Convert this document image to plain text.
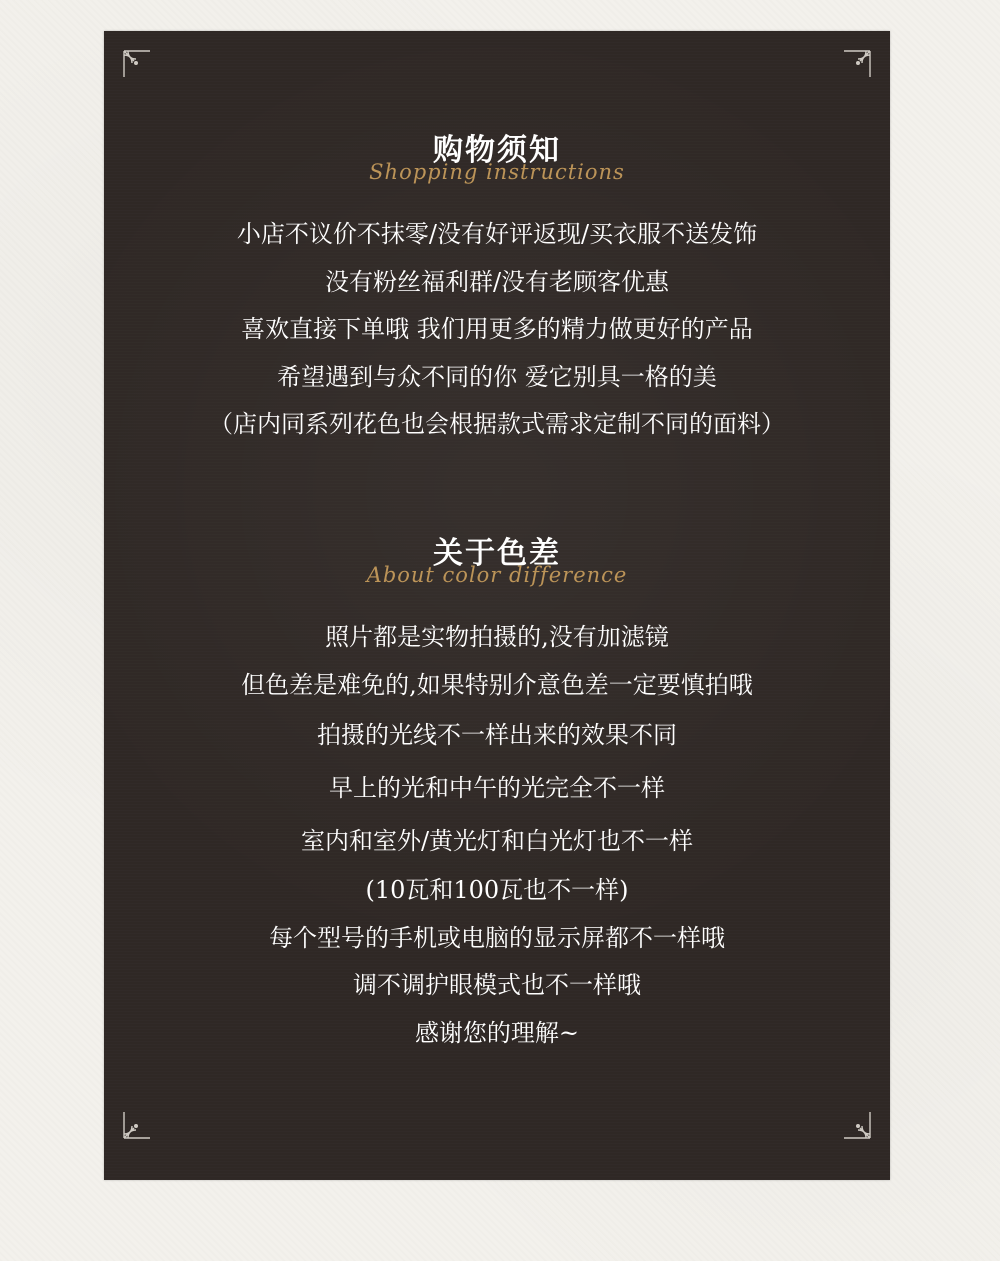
购物须知
Shopping instructions
小店不议价不抹零/没有好评返现/买衣服不送发饰
没有粉丝福利群/没有老顾客优惠
喜欢直接下单哦 我们用更多的精力做更好的产品
希望遇到与众不同的你 爱它别具一格的美
（店内同系列花色也会根据款式需求定制不同的面料）
关于色差
About color difference
照片都是实物拍摄的,没有加滤镜
但色差是难免的,如果特别介意色差一定要慎拍哦
拍摄的光线不一样出来的效果不同
早上的光和中午的光完全不一样
室内和室外/黄光灯和白光灯也不一样
(10瓦和100瓦也不一样)
每个型号的手机或电脑的显示屏都不一样哦
调不调护眼模式也不一样哦
感谢您的理解~
